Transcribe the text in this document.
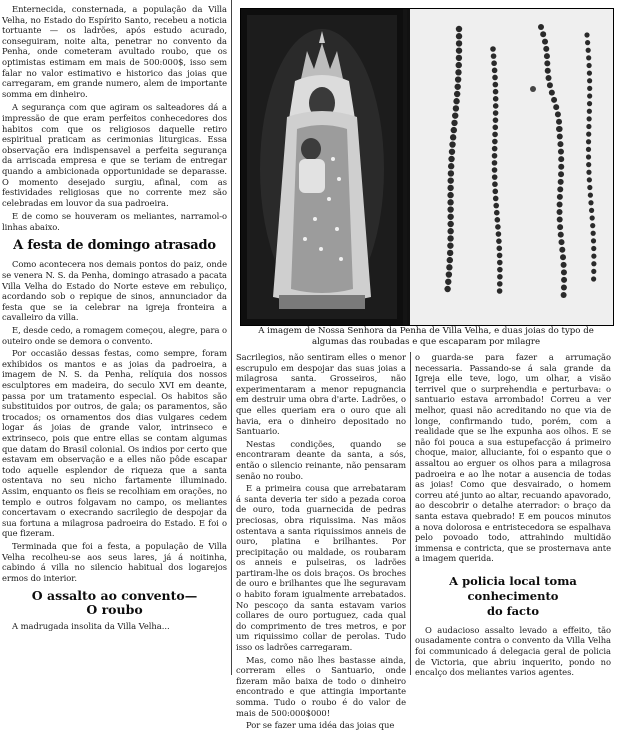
Enternecida, consternada, a população da Villa Velha, no Estado do Espírito Santo, recebeu a noticia tortuante — os ladrões, após estudo acurado, conseguiram, noite alta, penetrar no convento da Penha, onde cometeram avultado roubo, que os optimistas estimam em mais de 500:000$, isso sem falar no valor estimativo e historico das joias que carregaram, em grande numero, alem de importante somma em dinheiro.

A segurança com que agiram os salteadores dá a impressão de que eram perfeitos conhecedores dos habitos com que os religiosos daquelle retiro espiritual praticam as cerimonias liturgicas. Essa observação era indispensavel a perfeita segurança da arriscada empresa e que se teriam de entregar quando a ambicionada opportunidade se deparasse. O momento desejado surgiu, afinal, com as festividades religiosas que no corrente mez são celebradas em louvor da sua padroeira.

E de como se houveram os meliantes, narramol-o linhas abaixo.

A festa de domingo atrasado

Como acontecera nos demais pontos do paiz, onde se venera N. S. da Penha, domingo atrasado a pacata Villa Velha do Estado do Norte esteve em rebuliço, acordando sob o repique de sinos, annunciador da festa que se ia celebrar na igreja fronteira a cavalleiro da villa.

E, desde cedo, a romagem começou, alegre, para o outeiro onde se demora o convento.

Por occasião dessas festas, como sempre, foram exhibidos os mantos e as joias da padroeira, a imagem de N. S. da Penha, relíquia dos nossos esculptores em madeira, do seculo XVI em deante, passa por um tratamento especial. Os habitos são substituidos por outros, de gala; os paramentos, são trocados; os ornamentos dos dias vulgares cedem logar ás joias de grande valor, intrinseco e extrinseco, pois que entre ellas se contam algumas que datam do Brasil colonial. Os indios por certo que estavam em observação e a elles não pôde escapar todo aquelle esplendor de riqueza que a santa ostentava no seu nicho fartamente illuminado. Assim, enquanto os fieis se recolhiam em orações, no templo e outros folgavam no campo, os meliantes concertavam o execrando sacrilegio de despojar da sua fortuna a milagrosa padroeira do Estado. E foi o que fizeram.

Terminada que foi a festa, a população de Villa Velha recolheu-se aos seus lares, já á noitinha, cabindo á villa no silencio habitual dos logarejos ermos do interior.

O assalto ao convento—
O roubo

A madrugada insolita da Villa Velha...

A imagem de Nossa Senhora da Penha de Villa Velha, e duas joias do typo de algumas das roubadas e que escaparam por milagre

Sacrilegios, não sentiram elles o menor escrupulo em despojar das suas joias a milagrosa santa. Grosseiros, não experimentaram a menor repugnancia em destruir uma obra d'arte. Ladrões, o que elles queriam era o ouro que ali havia, era o dinheiro depositado no Santuario.

Nestas condições, quando se encontraram deante da santa, a sós, então o silencio reinante, não pensaram senão no roubo.

E a primeira cousa que arrebataram á santa deveria ter sido a pezada coroa de ouro, toda guarnecida de pedras preciosas, obra riquissima. Nas mãos ostentava a santa riquissimos anneis de ouro, platina e brilhantes. Por precipitação ou maldade, os roubaram os anneis e pulseiras, os ladrões partiram-lhe os dois braços. Os broches de ouro e brilhantes que lhe seguravam o habito foram igualmente arrebatados. No pescoço da santa estavam varios collares de ouro portuguez, cada qual do comprimento de tres metros, e por um riquissimo collar de perolas. Tudo isso os ladrões carregaram.

Mas, como não lhes bastasse ainda, correram elles o Santuario, onde fizeram mão baixa de todo o dinheiro encontrado e que attingia importante somma. Tudo o roubo é do valor de mais de 500:000$000!

Por se fazer uma idéa das joias que

o guarda-se para fazer a arrumação necessaria. Passando-se á sala grande da Igreja elle teve, logo, um olhar, a visão terrivel que o surprehendia e perturbava: o santuario estava arrombado! Correu a ver melhor, quasi não acreditando no que via de longe, confirmando tudo, porém, com a realidade que se lhe expunha aos olhos. E se não foi pouca a sua estupefacção á primeiro choque, maior, alluciante, foi o espanto que o assaltou ao erguer os olhos para a milagrosa padroeira e ao lhe notar a ausencia de todas as joias! Como que desvairado, o homem correu até junto ao altar, recuando apavorado, ao descobrir o detalhe aterrador: o braço da santa estava quebrado! E em poucos minutos a nova dolorosa e entristecedora se espalhava pelo povoado todo, attrahindo multidão immensa e contricta, que se prosternava ante a imagem querida.

A policia local toma
conhecimento
do facto

O audacioso assalto levado a effeito, tão ousadamente contra o convento da Villa Velha foi communicado á delegacia geral de policia de Victoria, que abriu inquerito, pondo no encalço dos meliantes varios agentes.
